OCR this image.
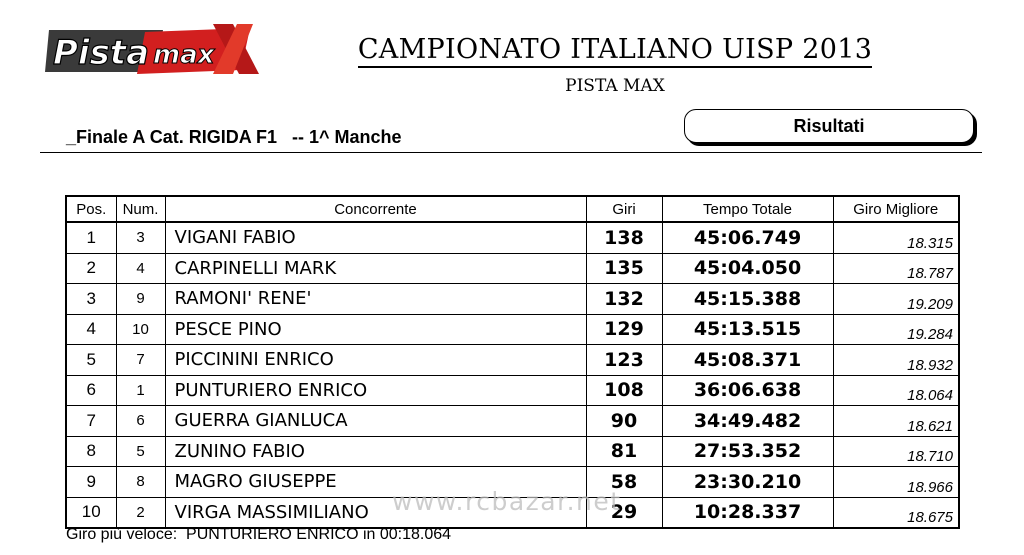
Pista max	CAMPIONATO ITALIANO UISP 2013
PISTA MAX
_Finale A Cat. RIGIDA F1   -- 1^ Manche
Risultati
Pos.	Num.	Concorrente	Giri	Tempo Totale	Giro Migliore
1	3	VIGANI FABIO	138	45:06.749	18.315
2	4	CARPINELLI MARK	135	45:04.050	18.787
3	9	RAMONI' RENE'	132	45:15.388	19.209
4	10	PESCE PINO	129	45:13.515	19.284
5	7	PICCININI ENRICO	123	45:08.371	18.932
6	1	PUNTURIERO ENRICO	108	36:06.638	18.064
7	6	GUERRA GIANLUCA	90	34:49.482	18.621
8	5	ZUNINO FABIO	81	27:53.352	18.710
9	8	MAGRO GIUSEPPE	58	23:30.210	18.966
10	2	VIRGA MASSIMILIANO	29	10:28.337	18.675
www.rcbazar.net
Giro più veloce:  PUNTURIERO ENRICO in 00:18.064
